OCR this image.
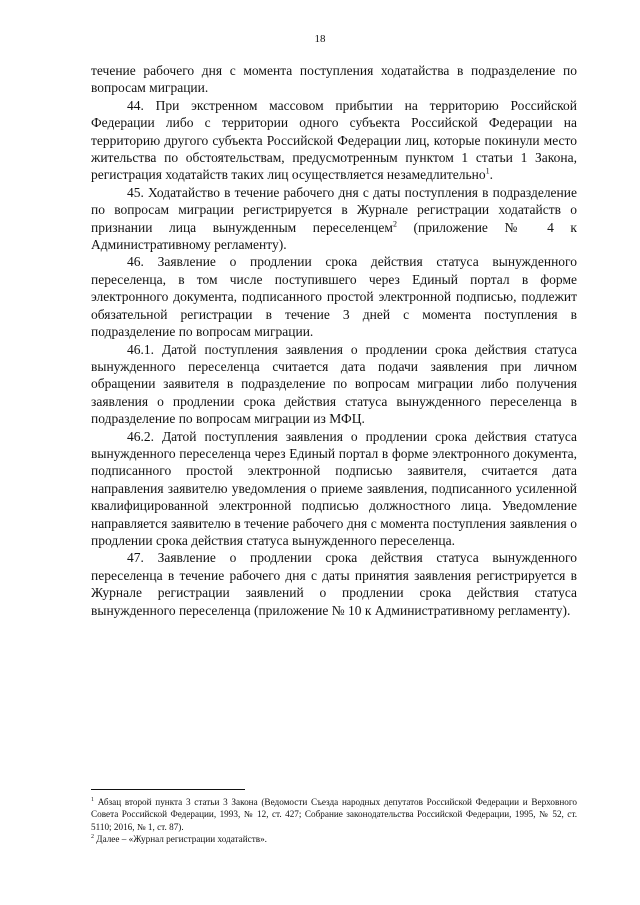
18

течение рабочего дня с момента поступления ходатайства в подразделение по вопросам миграции.

44. При экстренном массовом прибытии на территорию Российской Федерации либо с территории одного субъекта Российской Федерации на территорию другого субъекта Российской Федерации лиц, которые покинули место жительства по обстоятельствам, предусмотренным пунктом 1 статьи 1 Закона, регистрация ходатайств таких лиц осуществляется незамедлительно$^1$.

45. Ходатайство в течение рабочего дня с даты поступления в подразделение по вопросам миграции регистрируется в Журнале регистрации ходатайств о признании лица вынужденным переселенцем$^2$ (приложение № 4 к Административному регламенту).

46. Заявление о продлении срока действия статуса вынужденного переселенца, в том числе поступившего через Единый портал в форме электронного документа, подписанного простой электронной подписью, подлежит обязательной регистрации в течение 3 дней с момента поступления в подразделение по вопросам миграции.

46.1. Датой поступления заявления о продлении срока действия статуса вынужденного переселенца считается дата подачи заявления при личном обращении заявителя в подразделение по вопросам миграции либо получения заявления о продлении срока действия статуса вынужденного переселенца в подразделение по вопросам миграции из МФЦ.

46.2. Датой поступления заявления о продлении срока действия статуса вынужденного переселенца через Единый портал в форме электронного документа, подписанного простой электронной подписью заявителя, считается дата направления заявителю уведомления о приеме заявления, подписанного усиленной квалифицированной электронной подписью должностного лица. Уведомление направляется заявителю в течение рабочего дня с момента поступления заявления о продлении срока действия статуса вынужденного переселенца.

47. Заявление о продлении срока действия статуса вынужденного переселенца в течение рабочего дня с даты принятия заявления регистрируется в Журнале регистрации заявлений о продлении срока действия статуса вынужденного переселенца (приложение № 10 к Административному регламенту).

$^1$ Абзац второй пункта 3 статьи 3 Закона (Ведомости Съезда народных депутатов Российской Федерации и Верховного Совета Российской Федерации, 1993, № 12, ст. 427; Собрание законодательства Российской Федерации, 1995, № 52, ст. 5110; 2016, № 1, ст. 87).

$^2$ Далее – «Журнал регистрации ходатайств».
